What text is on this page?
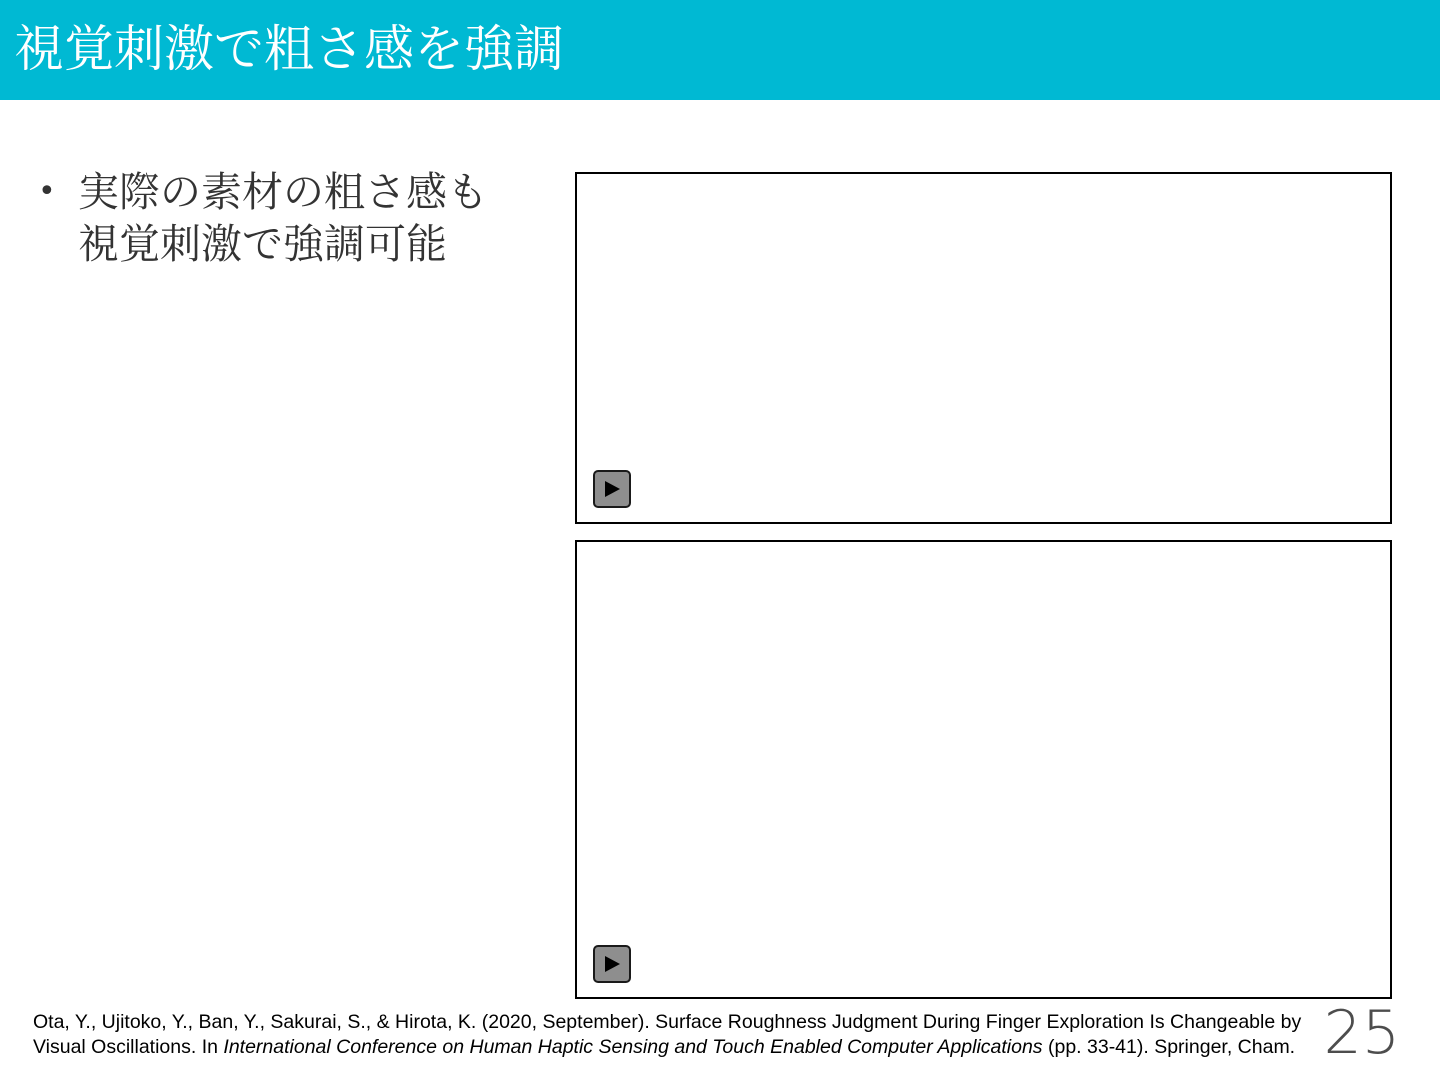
視覚刺激で粗さ感を強調
• 実際の素材の粗さ感も
視覚刺激で強調可能

Ota, Y., Ujitoko, Y., Ban, Y., Sakurai, S., & Hirota, K. (2020, September). Surface Roughness Judgment During Finger Exploration Is Changeable by Visual Oscillations. In International Conference on Human Haptic Sensing and Touch Enabled Computer Applications (pp. 33-41). Springer, Cham. 25
